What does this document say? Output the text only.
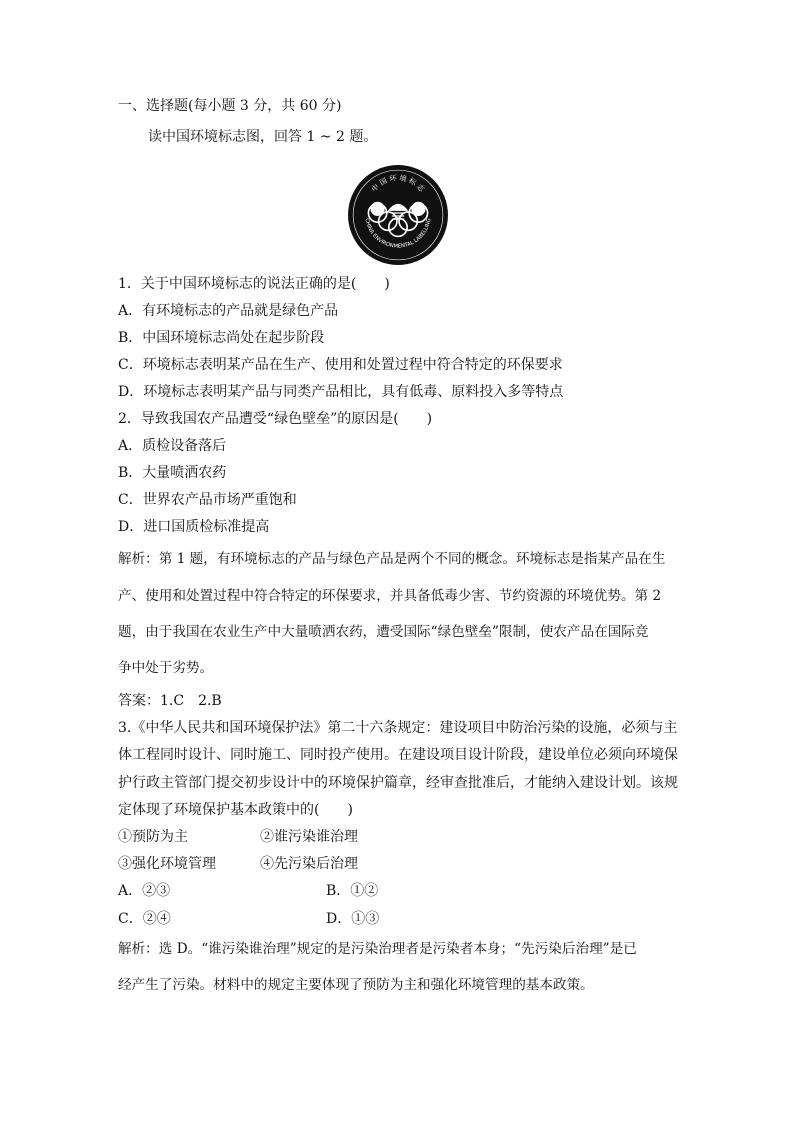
一、选择题(每小题 3 分，共 60 分)
读中国环境标志图，回答 1 ~ 2 题。
中 国 环 境 标 志
CHINA ENVIRONMENTAL LABELLING
1．关于中国环境标志的说法正确的是(　　)
A．有环境标志的产品就是绿色产品
B．中国环境标志尚处在起步阶段
C．环境标志表明某产品在生产、使用和处置过程中符合特定的环保要求
D．环境标志表明某产品与同类产品相比，具有低毒、原料投入多等特点
2．导致我国农产品遭受“绿色壁垒”的原因是(　　)
A．质检设备落后
B．大量喷洒农药
C．世界农产品市场严重饱和
D．进口国质检标准提高
解析：第 1 题，有环境标志的产品与绿色产品是两个不同的概念。环境标志是指某产品在生
产、使用和处置过程中符合特定的环保要求，并具备低毒少害、节约资源的环境优势。第 2
题，由于我国在农业生产中大量喷洒农药，遭受国际“绿色壁垒”限制，使农产品在国际竞
争中处于劣势。
答案：1.C　2.B
3.《中华人民共和国环境保护法》第二十六条规定：建设项目中防治污染的设施，必须与主
体工程同时设计、同时施工、同时投产使用。在建设项目设计阶段，建设单位必须向环境保
护行政主管部门提交初步设计中的环境保护篇章，经审查批准后，才能纳入建设计划。该规
定体现了环境保护基本政策中的(　　)
①预防为主	②谁污染谁治理
③强化环境管理	④先污染后治理
A．②③	B．①②
C．②④	D．①③
解析：选 D。“谁污染谁治理”规定的是污染治理者是污染者本身；“先污染后治理”是已
经产生了污染。材料中的规定主要体现了预防为主和强化环境管理的基本政策。
